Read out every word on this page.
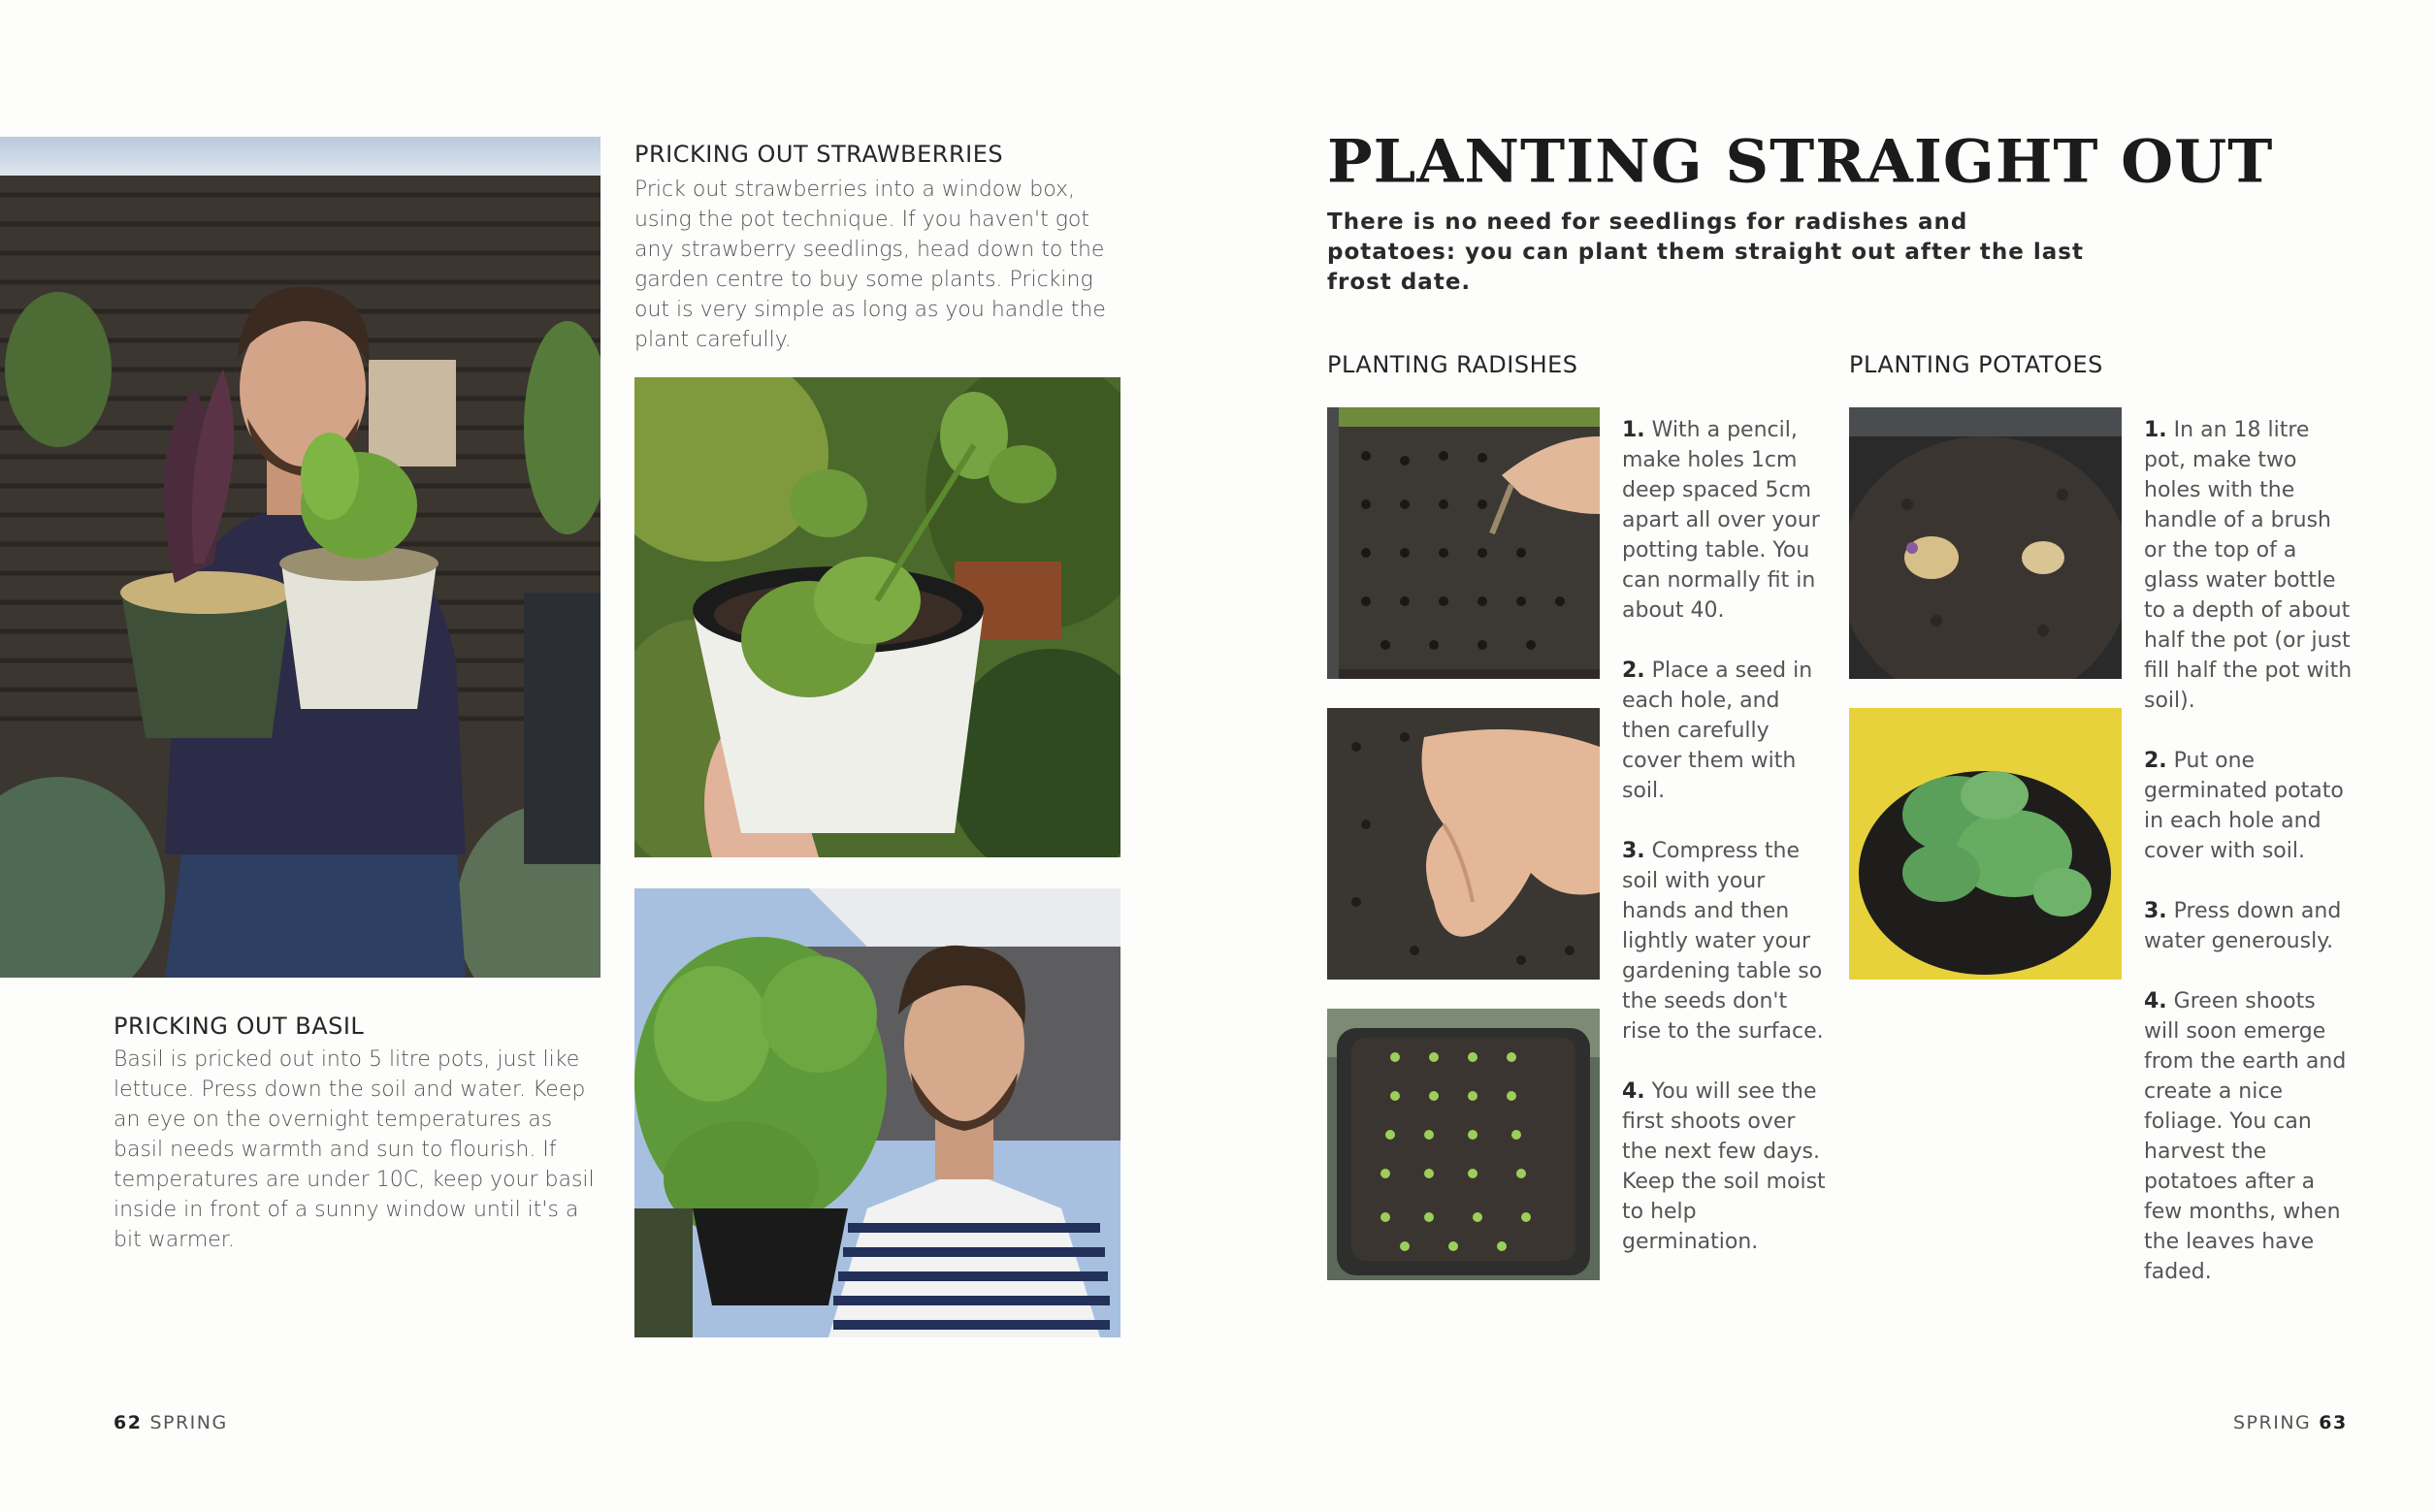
PRICKING OUT STRAWBERRIES
Prick out strawberries into a window box, using the pot technique. If you haven't got any strawberry seedlings, head down to the garden centre to buy some plants. Pricking out is very simple as long as you handle the plant carefully.
PRICKING OUT BASIL
Basil is pricked out into 5 litre pots, just like lettuce. Press down the soil and water. Keep an eye on the overnight temperatures as basil needs warmth and sun to flourish. If temperatures are under 10C, keep your basil inside in front of a sunny window until it's a bit warmer.
62 SPRING
PLANTING STRAIGHT OUT
There is no need for seedlings for radishes and potatoes: you can plant them straight out after the last frost date.
PLANTING RADISHES
1. With a pencil, make holes 1cm deep spaced 5cm apart all over your potting table. You can normally fit in about 40.
2. Place a seed in each hole, and then carefully cover them with soil.
3. Compress the soil with your hands and then lightly water your gardening table so the seeds don't rise to the surface.
4. You will see the first shoots over the next few days. Keep the soil moist to help germination.
PLANTING POTATOES
1. In an 18 litre pot, make two holes with the handle of a brush or the top of a glass water bottle to a depth of about half the pot (or just fill half the pot with soil).
2. Put one germinated potato in each hole and cover with soil.
3. Press down and water generously.
4. Green shoots will soon emerge from the earth and create a nice foliage. You can harvest the potatoes after a few months, when the leaves have faded.
SPRING 63
